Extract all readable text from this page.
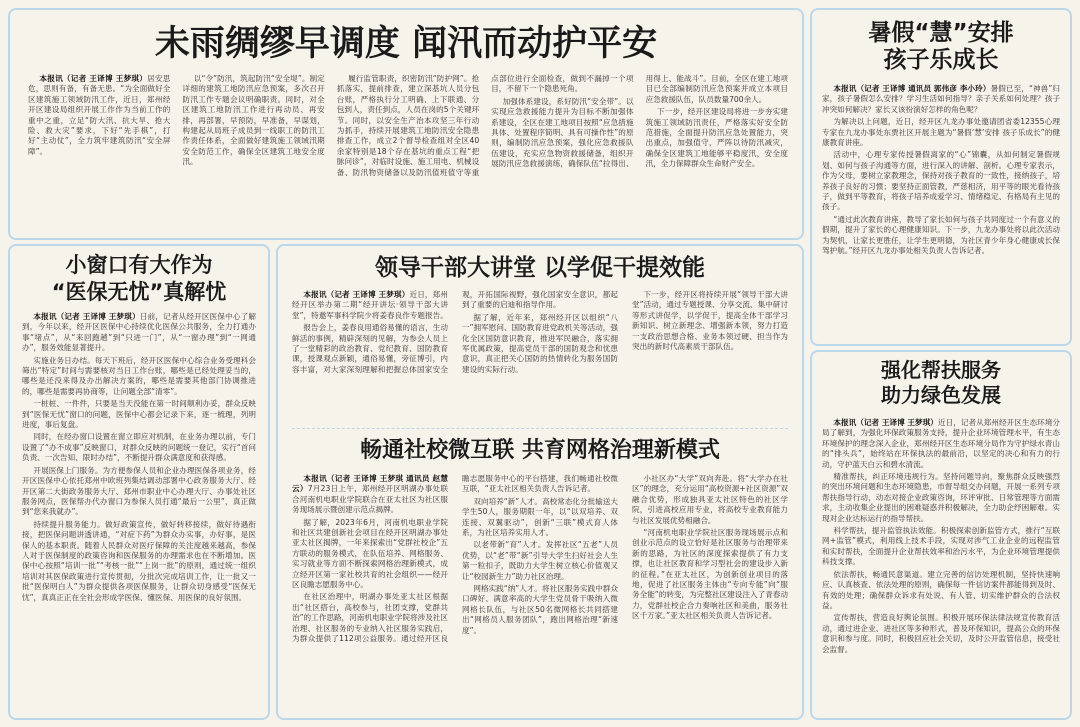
未雨绸缪早调度 闻汛而动护平安

本报讯（记者 王译博 王梦琪）居安思危，思则有备，有备无患。“为全面做好全区建筑施工领域防汛工作，近日，郑州经开区建设局组织开展工作作为当前工作的重中之重，立足“防大汛、抗大旱、抢大险、救大灾”要求，下好“先手棋”，打好“主动仗”，全力筑牢建筑防汛“安全屏障”。

以“令”防汛，筑起防汛“安全堤”。制定详细的建筑工地防汛应急预案，多次召开防汛工作专题会议明确职责。同时，对全区建筑工地防汛工作进行再动员、再安排，再部署，早预防，早准备，早谋划，构建起从局班子成员到一线职工的防汛工作责任体系，全面做好建筑施工领域汛期安全防范工作，确保全区建筑工地安全度汛。

履行监管职责，织密防汛“防护网”。抢抓落实，提前排查，建立深基坑人员分包台账，严格执行分工明确、上下联通、分包到人，责任到点，人员在岗的5个关键环节。同时，以安全生产治本攻坚三年行动为抓手，持续开展建筑工地防汛安全隐患排查工作，成立2个督导检查组对全区40余家特别是18个存在基坑的重点工程“把脉问诊”，对临时设施、施工用电、机械设备、防汛物资储备以及防汛值班值守等重点部位进行全面检查，做到不漏掉一个项目，不留下一个隐患死角。

加强体系建设，系好防汛“安全带”。以实现应急救援能力提升为目标不断加强体系建设，全区在建工地项目按照“应急措施具体、处置程序简明、具有可操作性”的原则，编制防汛应急预案，强化应急救援队伍建设，充实应急物资救援储备，组织开展防汛应急救援演练，确保队伍“拉得出、用得上、能战斗”。目前，全区在建工地项目已全部编制防汛应急预案并成立本项目应急救援队伍，队员数量700余人。

下一步，经开区建设局将进一步夯实建筑施工领域防汛责任，严格落实好安全防范措施，全面提升防汛应急处置能力，突出重点，加强值守，严阵以待防汛减灾，确保全区建筑工地能够平稳度汛，安全度汛，全力保障群众生命财产安全。

暑假“慧”安排
孩子乐成长

本报讯（记者 王译博 通讯员 郭伟彦 李小玲）暑假已至，“神兽”归家，孩子暑假怎么安排？学习生活如何指导？亲子关系如何处理？孩子冲突如何解决？家长又该扮演好怎样的角色呢？

为解决以上问题，近日，经开区九龙办事处邀请团省委12355心理专家在九龙办事处东贾社区开展主题为“暑假‘慧’安排 孩子乐成长”的健康教育讲座。

活动中，心理专家传授暑假离家的“心”锦囊，从如何制定暑假规划、如何与孩子沟通等方面，进行深入的讲解、剖析。心理专家表示，作为父母，要树立家教理念，保持对孩子教育的一致性，接纳孩子，培养孩子良好的习惯；要坚持正面管教，严慈相济，用平等的眼光看待孩子，做到平等教育，将孩子培养成爱学习、情绪稳定、有格局有主见的孩子。

“通过此次教育讲座，教导了家长如何与孩子共同度过一个有意义的假期，提升了家长的心理健康知识。下一步，九龙办事处将以此次活动为契机，让家长更胜任，让学生更明德，为社区青少年身心健康成长保驾护航。”经开区九龙办事处相关负责人告诉记者。

小窗口有大作为
“医保无忧”真解忧

本报讯（记者 王译博 王梦琪）日前，记者从经开区医保中心了解到，今年以来，经开区医保中心持续优化医保公共服务，全力打通办事“堵点”，从“来回跑趟”到“只进一门”，从“一窗办理”到“一网通办”，服务效能显著提升。

实施业务日办结。每天下班后，经开区医保中心综合业务受理科会筛出“特定”时间与需要核对当日工作台账，哪些是已经处理妥当的，哪些是还没来得及办出解决方案的，哪些是需要其他部门协调推进的，哪些是需要再协商等，让问题全部“清零”。

一桩桩、一件件，只要是当天没能在第一时间顺利办妥，群众反映到“医保无忧”窗口的问题，医保中心都会记录下来，逐一梳理，列明进度，事后复盘。

同时，在经办窗口设置在窗立即应对机制，在业务办理以前，专门设置了“办不成事”反映窗口，对群众反映的问题统一登记，实行“首问负责、一次告知、限时办结”，不断提升群众满意度和获得感。

开展医保上门服务。为方便参保人员和企业办理医保各项业务，经开区医保中心依托郑州中欧班列集结调动部署中心政务服务大厅、经开区第二大街政务服务大厅、郑州市职业中心办理大厅、办事处社区服务网点，医保帮办代办窗口为参保人员打通“最后一公里”，真正做到“您来我就办”。

持续提升服务能力。做好政策宣传，做好转移接续，做好待遇衔接，把医保问题讲透讲通，“对症下药”为群众办实事，办好事，是医保人的基本职责。随着人民群众对医疗保障的关注度越来越高，参保人对于医保制度的政策咨询和医保服务的办理需求也在不断增加。医保中心按照“培训一批”“考核一批”“上岗一批”的原则，通过统一组织培训对其医保政策进行宣传贯彻，分批次完成培训工作，让一批又一批“医保明白人”为群众提供各项医保服务，让群众切身感受“医保无忧”，真真正正在全社会形成学医保、懂医保、用医保的良好氛围。

领导干部大讲堂 以学促干提效能

本报讯（记者 王译博 王梦琪）近日，郑州经开区举办第二期“经开讲坛·领导干部大讲堂”，特邀军事科学院少将姜春良作专题报告。

报告会上，姜春良用通俗易懂的语言，生动鲜活的事例，精辟深刻的见解，为参会人员上了一堂精彩的政治教育、党纪教育、国防教育课，授课观点新颖，通俗易懂，旁征博引，内容丰富，对大家深刻理解和把握总体国家安全观，开拓国际视野，强化国家安全意识，都起到了重要的启迪和指导作用。

据了解，近年来，郑州经开区以组织“八一”拥军慰问、国防教育进党政机关等活动，强化全区国防意识教育，推进军民融合，落实拥军优属政策，提高党员干部的国防观念和忧患意识，真正把关心国防的热情转化为服务国防建设的实际行动。

下一步，经开区将持续开展“领导干部大讲堂”活动，通过专题授课、分享交流、集中研讨等形式讲促学，以学促干，提高全体干部学习新知识、树立新理念、增强新本领，努力打造一支政治思想合格、业务本领过硬、担当作为突出的新时代高素质干部队伍。

畅通社校微互联 共育网格治理新模式

本报讯（记者 王译博 王梦琪 通讯员 赵慧云）7月23日上午，郑州经开区明湖办事处联合河南机电职业学院联合在亚太社区为社区服务现场展示暨创建示范点揭牌。

据了解，2023年6月，河南机电职业学院和社区共建创新社会项目在经开区明湖办事处亚太社区揭牌，一年来探索出“党群社校企”五方联动的服务模式，在队伍培养、网格服务、实习就业等方面不断探索网格治理新模式，成立经开区第一家社校共育的社会组织——经开区良瞻志愿服务中心。

在社区治理中，明湖办事处亚太社区根据出“社区搭台，高校参与，社团支撑，党群共治”的工作思路，河南机电职业学院将涉及社区治理、社区服务的专业纳入社区服务实践启，为群众提供了112项公益服务。通过经开区良瞻志愿服务中心的平台搭建，我们畅通社校微互联，“亚太社区相关负责人告诉记者。

双向培养“新”人才。高校常态化分批输送大学生50人，服务期限一年，以“以双培养、双连接、双翼驱动”，创新“三联”模式育人体系，为社区培养实用人才。

以老带新“育”人才。发挥社区“五老”人员优势，以“老”带“新”引导大学生扫好社会人生第一粒扣子，既助力大学生树立核心价值观又让“校园新生力”助力社区治理。

网格实践“纳”人才。将社区服务实践中群众口碑好、满意率高的大学生党员骨干吸纳入微网格长队伍，与社区50名微网格长共同搭建出“网格员人服务团队”，跑出网格治理“新速度”。

小社区办“大学”双向奔赴。将“大学办在社区”的理念，充分运用“高校资源+社区资源”双融合优势，形成独具亚太社区特色的社区学院，引进高校应用专业，将高校专业教育能力与社区发展优势相融合。

“河南机电职业学院社区服务现场展示点和创业示范点的设立恰好是社区服务与治理带来新的思路，为社区的深度探索提供了有力支撑，也让社区教育和学习型社会的建设步入新的征程。”在亚太社区，为创新创业项目的落地，促进了社区服务主体由“专向专能”向“服务全能”的转变，为完整社区建设注入了青春动力，党群社校企合力奏响社区和美曲，服务社区千万家。”亚太社区相关负责人告诉记者。

强化帮扶服务
助力绿色发展

本报讯（记者 王译博 王梦琪）近日，记者从郑州经开区生态环境分局了解到，为强化环保政策服务支持，提升企业环境管理水平，有生态环境保护的理念深入企业，郑州经开区生态环境分局作为守护绿水青山的“排头兵”，始终站在环保执法的最前沿，以坚定的决心和有力的行动，守护蓝天白云和碧水清流。

精准帮扶，纠正环境违规行为。坚持问题导向，聚焦群众反映强烈的突出环境问题和生态环境隐患，市督导组交办问题，开展一系列专项帮扶指导行动，动态对接企业政策咨询，环评审批、日常管理等方面需求，主动收集企业提出的困难疑惑并积极解决，全力助企纾困解难。实现对企业达标运行的指导帮扶。

科学帮扶，提升监管执法效能。积极探索创新监管方式，推行“互联网+监管”模式，利用线上技术手段，实现对涉气工业企业的远程监管和实时帮扶，全面提升企业帮扶效率和治污水平，为企业环境管理提供科技支撑。

依法帮扶，畅通民意渠道。建立完善的信访处理机制，坚持快速响应、认真核查、依法处理的原则，确保每一件信访案件都能得到及时、有效的处理；确保群众诉求有处说、有人管、切实维护群众的合法权益。

宣传帮扶，营造良好舆论氛围。积极开展环保法律法规宣传教育活动，通过进企业、进社区等多种形式，普及环保知识，提高公众的环保意识和参与度。同时，积极回应社会关切，及时公开监管信息，接受社会监督。
